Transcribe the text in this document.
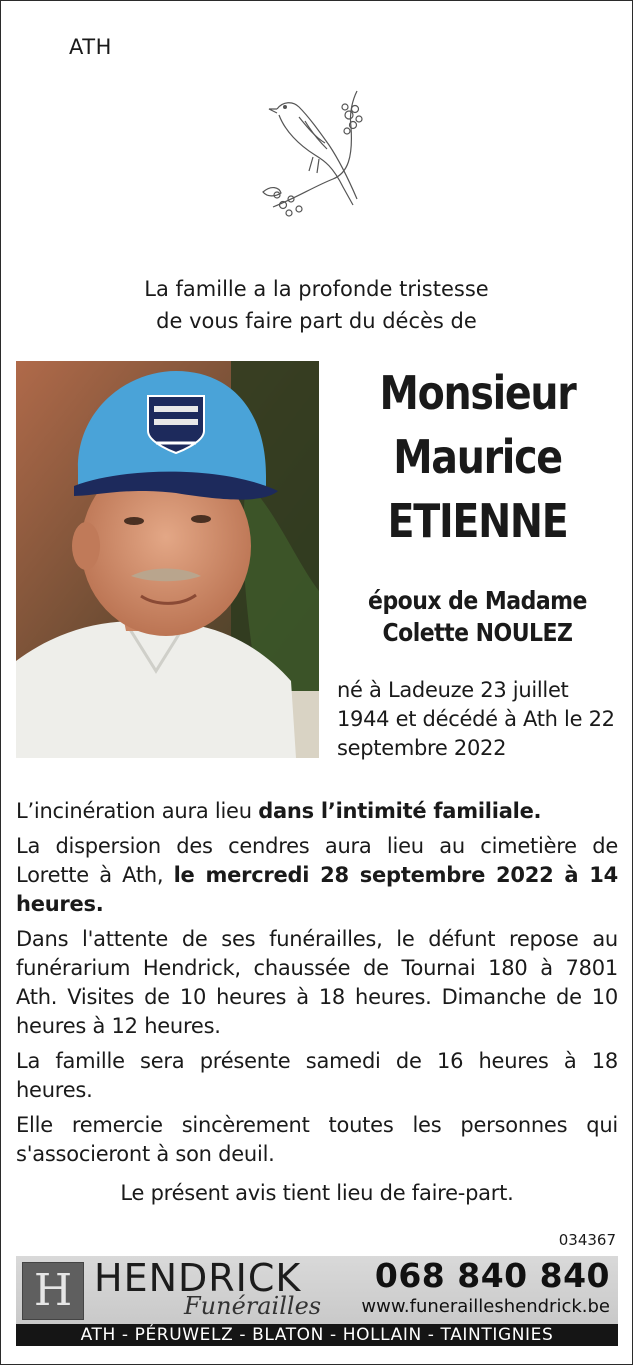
ATH
La famille a la profonde tristesse
de vous faire part du décès de
Monsieur
Maurice
ETIENNE
époux de Madame
Colette NOULEZ
né à Ladeuze 23 juillet 1944 et décédé à Ath le 22 septembre 2022

L’incinération aura lieu dans l’intimité familiale.

La dispersion des cendres aura lieu au cimetière de Lorette à Ath, le mercredi 28 septembre 2022 à 14 heures.

Dans l'attente de ses funérailles, le défunt repose au funérarium Hendrick, chaussée de Tournai 180 à 7801 Ath. Visites de 10 heures à 18 heures. Dimanche de 10 heures à 12 heures.

La famille sera présente samedi de 16 heures à 18 heures.

Elle remercie sincèrement toutes les personnes qui s'associeront à son deuil.

Le présent avis tient lieu de faire-part.

034367
H HENDRICK
Funérailles
068 840 840
www.funerailleshendrick.be
ATH - PÉRUWELZ - BLATON - HOLLAIN - TAINTIGNIES
